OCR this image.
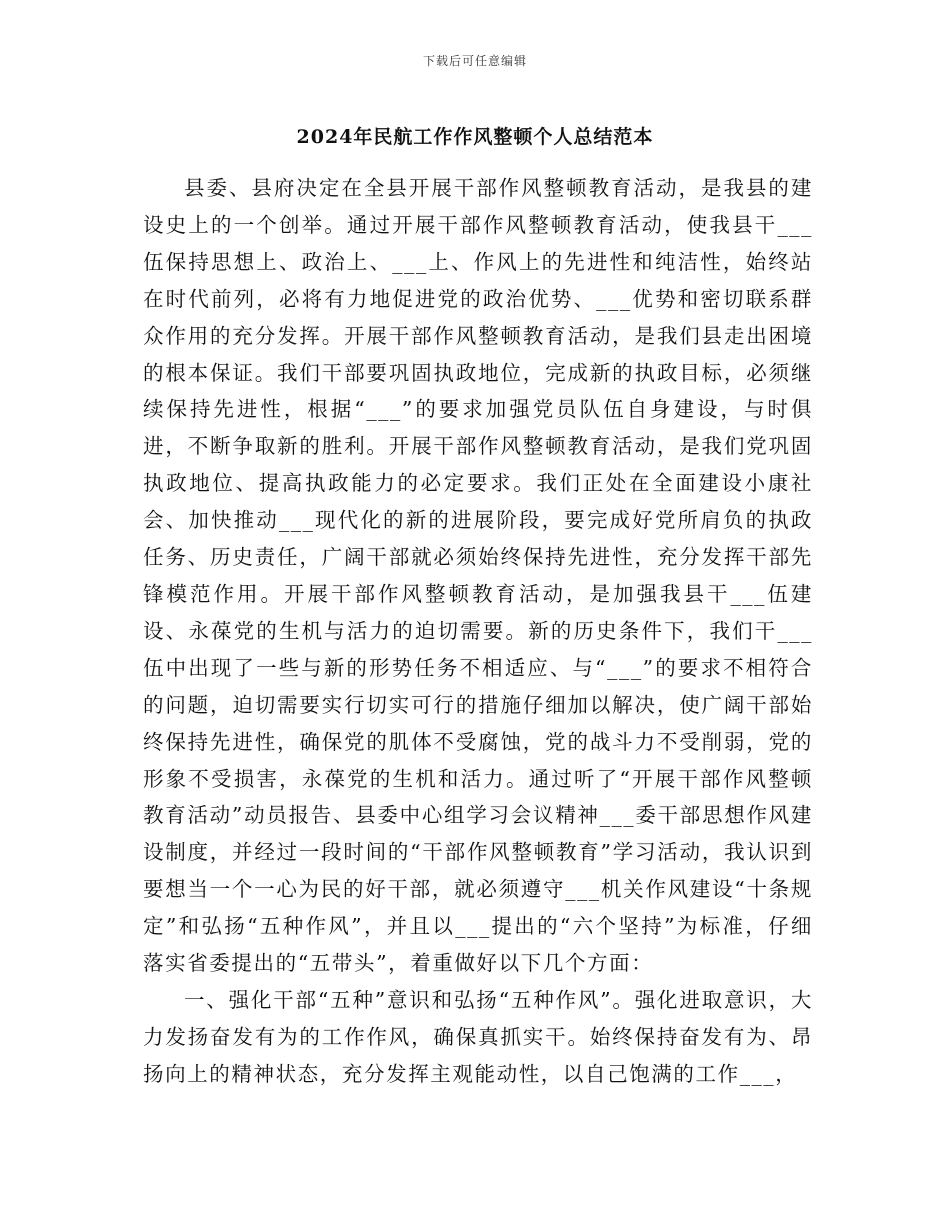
下载后可任意编辑
2024年民航工作作风整顿个人总结范本

县委、县府决定在全县开展干部作风整顿教育活动，是我县的建设史上的一个创举。通过开展干部作风整顿教育活动，使我县干___伍保持思想上、政治上、___上、作风上的先进性和纯洁性，始终站在时代前列，必将有力地促进党的政治优势、___优势和密切联系群众作用的充分发挥。开展干部作风整顿教育活动，是我们县走出困境的根本保证。我们干部要巩固执政地位，完成新的执政目标，必须继续保持先进性，根据“___”的要求加强党员队伍自身建设，与时俱进，不断争取新的胜利。开展干部作风整顿教育活动，是我们党巩固执政地位、提高执政能力的必定要求。我们正处在全面建设小康社会、加快推动___现代化的新的进展阶段，要完成好党所肩负的执政任务、历史责任，广阔干部就必须始终保持先进性，充分发挥干部先锋模范作用。开展干部作风整顿教育活动，是加强我县干___伍建设、永葆党的生机与活力的迫切需要。新的历史条件下，我们干___伍中出现了一些与新的形势任务不相适应、与“___”的要求不相符合的问题，迫切需要实行切实可行的措施仔细加以解决，使广阔干部始终保持先进性，确保党的肌体不受腐蚀，党的战斗力不受削弱，党的形象不受损害，永葆党的生机和活力。通过听了“开展干部作风整顿教育活动”动员报告、县委中心组学习会议精神___委干部思想作风建设制度，并经过一段时间的“干部作风整顿教育”学习活动，我认识到要想当一个一心为民的好干部，就必须遵守___机关作风建设“十条规定”和弘扬“五种作风”，并且以___提出的“六个坚持”为标准，仔细落实省委提出的“五带头”，着重做好以下几个方面：

一、强化干部“五种”意识和弘扬“五种作风”。强化进取意识，大力发扬奋发有为的工作作风，确保真抓实干。始终保持奋发有为、昂扬向上的精神状态，充分发挥主观能动性，以自己饱满的工作___，
